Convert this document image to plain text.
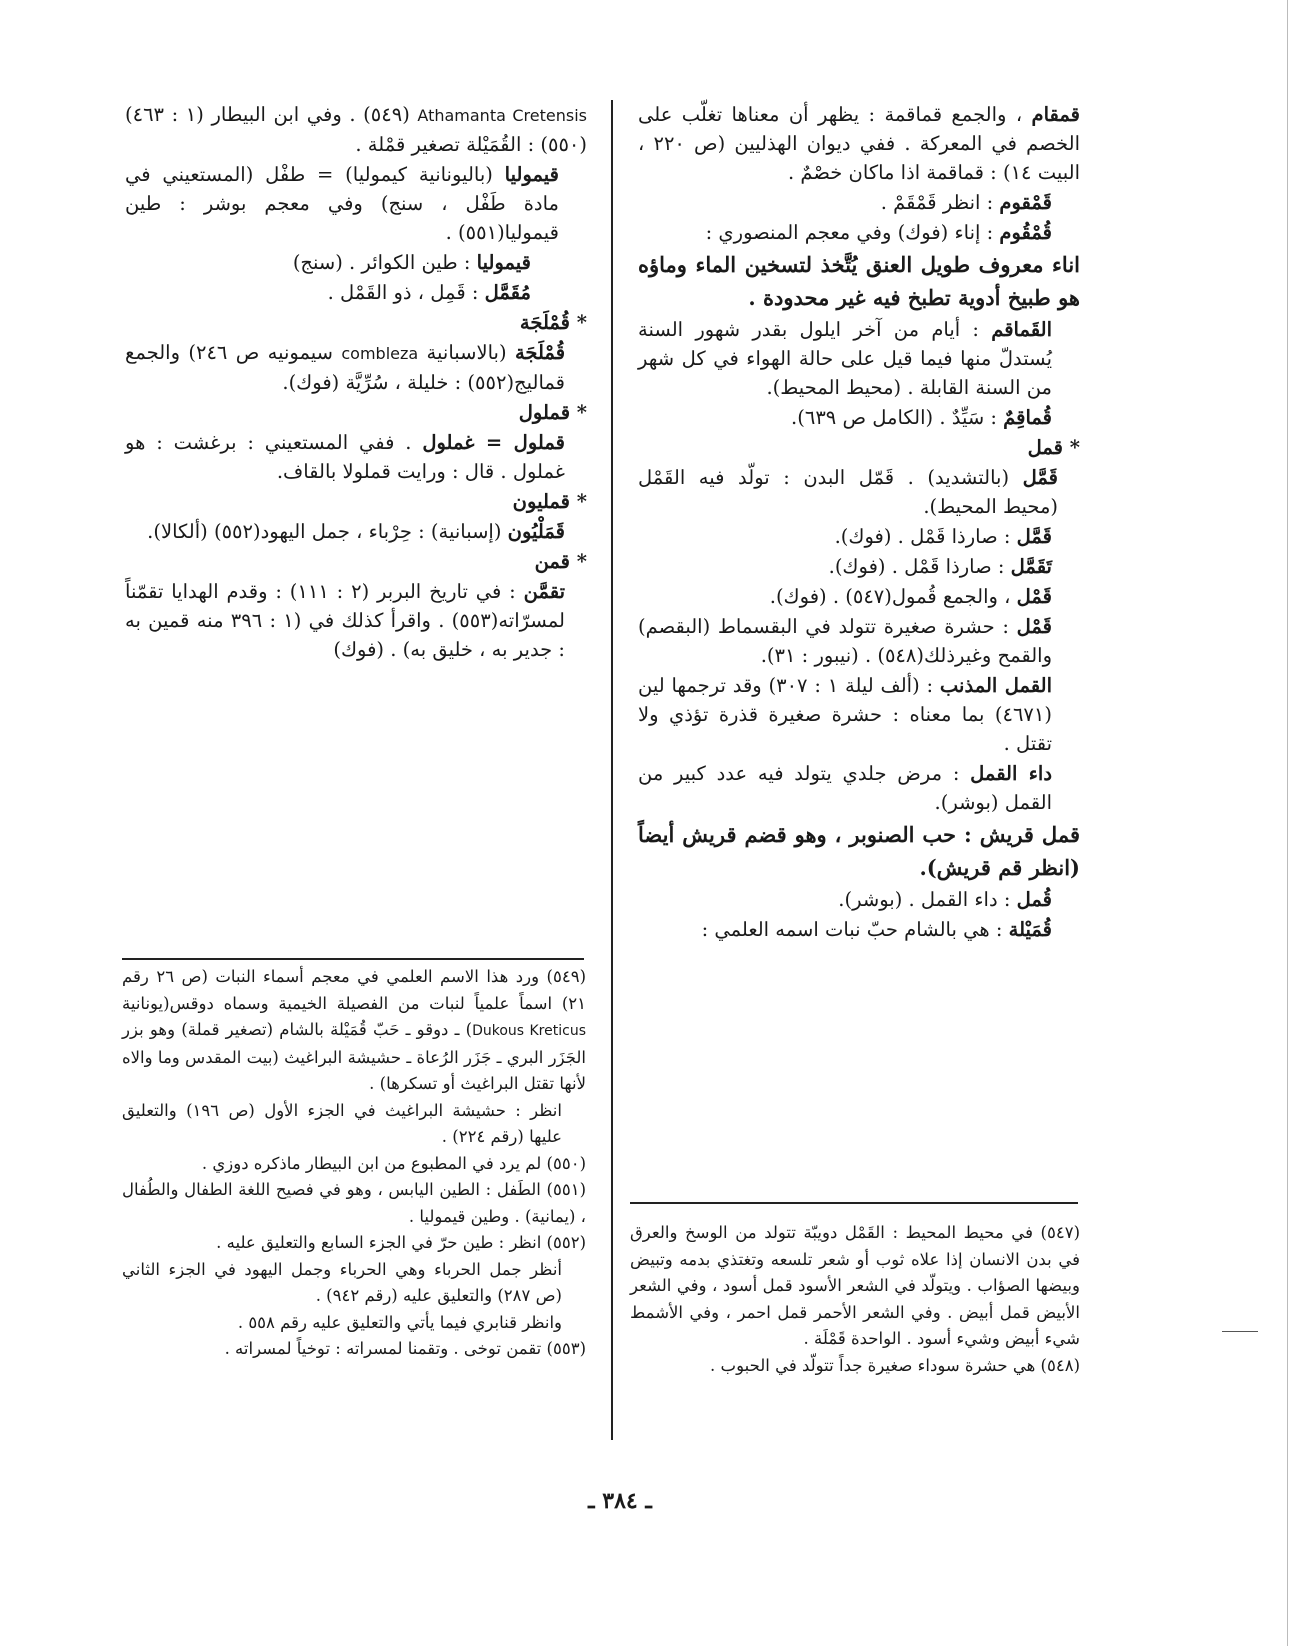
قمقام ، والجمع قماقمة : يظهر أن معناها تغلّب على الخصم في المعركة . ففي ديوان الهذليين (ص ٢٢٠ ، البيت ١٤) : قماقمة اذا ماكان خصْمٌ .

قَمْقوم : انظر قَمْقَمْ .

قُمْقُوم : إناء (فوك) وفي معجم المنصوري :

اناء معروف طويل العنق يُتَّخذ لتسخين الماء وماؤه هو طبيخ أدوية تطبخ فيه غير محدودة .

القَماقم : أيام من آخر ايلول بقدر شهور السنة يُستدلّ منها فيما قيل على حالة الهواء في كل شهر من السنة القابلة . (محيط المحيط).

قُماقِمٌ : سَيِّدٌ . (الكامل ص ٦٣٩).

* قمل

قَمَّل (بالتشديد) . قَمّل البدن : تولّد فيه القَمْل (محيط المحيط).

قَمَّل : صارذا قَمْل . (فوك).

تَقَمَّل : صارذا قَمْل . (فوك).

قَمْل ، والجمع قُمول(٥٤٧) . (فوك).

قَمْل : حشرة صغيرة تتولد في البقسماط (البقصم) والقمح وغيرذلك(٥٤٨) . (نيبور : ٣١).

القمل المذنب : (ألف ليلة ١ : ٣٠٧) وقد ترجمها لين (٤٦٧١) بما معناه : حشرة صغيرة قذرة تؤذي ولا تقتل .

داء القمل : مرض جلدي يتولد فيه عدد كبير من القمل (بوشر).

قمل قريش : حب الصنوبر ، وهو قضم قريش أيضاً (انظر قم قريش).

قُمل : داء القمل . (بوشر).

قُمَيْلة : هي بالشام حبّ نبات اسمه العلمي :

Athamanta Cretensis (٥٤٩) . وفي ابن البيطار (١ : ٤٦٣)(٥٥٠) : القُمَيْلة تصغير قمْلة .

قيموليا (باليونانية كيموليا) = طفْل (المستعيني في مادة طَفْل ، سنج) وفي معجم بوشر : طين قيموليا(٥٥١) .

قيموليا : طين الكوائر . (سنج)

مُقَمَّل : قَمِل ، ذو القَمْل .

* قُمْلَجَة

قُمْلَجَة (بالاسبانية combleza سيمونيه ص ٢٤٦) والجمع قماليج(٥٥٢) : خليلة ، سُرِّيَّة (فوك).

* قملول

قملول = غملول . ففي المستعيني : برغشت : هو غملول . قال : ورايت قملولا بالقاف.

* قمليون

قَمَلْيُون (إسبانية) : حِرْباء ، جمل اليهود(٥٥٢) (ألكالا).

* قمن

تقمَّن : في تاريخ البربر (٢ : ١١١) : وقدم الهدايا تقمّناً لمسرّاته(٥٥٣) . واقرأ كذلك في (١ : ٣٩٦ منه قمين به : جدير به ، خليق به) . (فوك)

(٥٤٧) في محيط المحيط : القَمْل دويبّة تتولد من الوسخ والعرق في بدن الانسان إذا علاه ثوب أو شعر تلسعه وتغتذي بدمه وتبيض وبيضها الصؤاب . ويتولّد في الشعر الأسود قمل أسود ، وفي الشعر الأبيض قمل أبيض . وفي الشعر الأحمر قمل احمر ، وفي الأشمط شيء أبيض وشيء أسود . الواحدة قَمْلَة .

(٥٤٨) هي حشرة سوداء صغيرة جداً تتولّد في الحبوب .

(٥٤٩) ورد هذا الاسم العلمي في معجم أسماء النبات (ص ٢٦ رقم ٢١) اسماً علمياً لنبات من الفصيلة الخيمية وسماه دوقس(يونانية Dukous Kreticus) ـ دوقو ـ حَبّ قُمَيْلة بالشام (تصغير قملة) وهو بزر الجَزَر البري ـ جَزَر الرُعاة ـ حشيشة البراغيث (بيت المقدس وما والاه لأنها تقتل البراغيث أو تسكرها) .

انظر : حشيشة البراغيث في الجزء الأول (ص ١٩٦) والتعليق عليها (رقم ٢٢٤) .

(٥٥٠) لم يرد في المطبوع من ابن البيطار ماذكره دوزي .

(٥٥١) الطَفل : الطين اليابس ، وهو في فصيح اللغة الطفال والطُفال ، (يمانية) . وطين قيموليا .

(٥٥٢) انظر : طين حرّ في الجزء السابع والتعليق عليه .

أنظر جمل الحرباء وهي الحرباء وجمل اليهود في الجزء الثاني (ص ٢٨٧) والتعليق عليه (رقم ٩٤٢) .

وانظر قنابري فيما يأتي والتعليق عليه رقم ٥٥٨ .

(٥٥٣) تقمن توخى . وتقمنا لمسراته : توخياً لمسراته .

ـ ٣٨٤ ـ
